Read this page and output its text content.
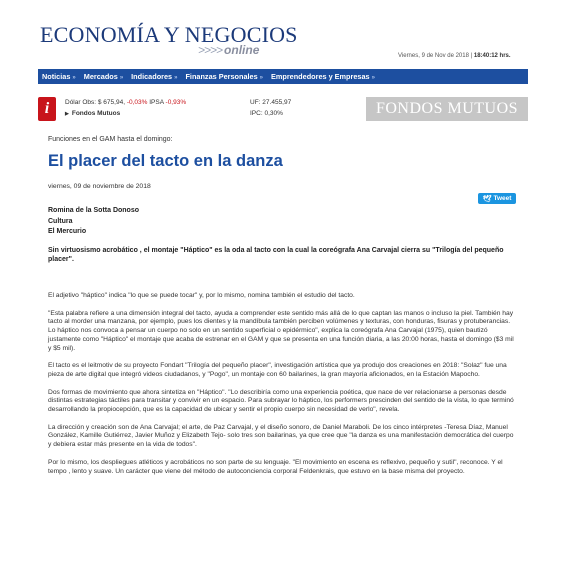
ECONOMÍA Y NEGOCIOS
>>>> online	Viernes, 9 de Nov de 2018 | 18:40:12 hrs.
Noticias »	Mercados »	Indicadores »	Finanzas Personales »	Emprendedores y Empresas »
i	Dólar Obs: $ 675,94, -0,03% IPSA -0,93%
▶ Fondos Mutuos
UF: 27.455,97
IPC: 0,30%	FONDOS MUTUOS
Funciones en el GAM hasta el domingo:
El placer del tacto en la danza
viernes, 09 de noviembre de 2018
🕊 Tweet
Romina de la Sotta Donoso
Cultura
El Mercurio
Sin virtuosismo acrobático , el montaje "Háptico" es la oda al tacto con la cual la coreógrafa Ana Carvajal cierra su "Trilogía del pequeño placer".

El adjetivo "háptico" indica "lo que se puede tocar" y, por lo mismo, nomina también el estudio del tacto.

"Esta palabra refiere a una dimensión integral del tacto, ayuda a comprender este sentido más allá de lo que captan las manos o incluso la piel. También hay tacto al morder una manzana, por ejemplo, pues los dientes y la mandíbula también perciben volúmenes y texturas, con honduras, fisuras y protuberancias. Lo háptico nos convoca a pensar un cuerpo no solo en un sentido superficial o epidérmico", explica la coreógrafa Ana Carvajal (1975), quien bautizó justamente como "Háptico" el montaje que acaba de estrenar en el GAM y que se presenta en una función diaria, a las 20:00 horas, hasta el domingo ($3 mil y $5 mil).

El tacto es el leitmotiv de su proyecto Fondart "Trilogía del pequeño placer", investigación artística que ya produjo dos creaciones en 2018: "Solaz" fue una pieza de arte digital que integró videos ciudadanos, y "Pogo", un montaje con 60 bailarines, la gran mayoría aficionados, en la Estación Mapocho.

Dos formas de movimiento que ahora sintetiza en "Háptico". "Lo describiría como una experiencia poética, que nace de ver relacionarse a personas desde distintas estrategias táctiles para transitar y convivir en un espacio. Para subrayar lo háptico, los performers prescinden del sentido de la vista, lo que terminó desarrollando la propiocepción, que es la capacidad de ubicar y sentir el propio cuerpo sin necesidad de verlo", revela.

La dirección y creación son de Ana Carvajal; el arte, de Paz Carvajal, y el diseño sonoro, de Daniel Maraboli. De los cinco intérpretes -Teresa Díaz, Manuel González, Kamille Gutiérrez, Javier Muñoz y Elizabeth Tejo- solo tres son bailarinas, ya que cree que "la danza es una manifestación democrática del cuerpo y debiera estar más presente en la vida de todos".

Por lo mismo, los despliegues atléticos y acrobáticos no son parte de su lenguaje. "El movimiento en escena es reflexivo, pequeño y sutil", reconoce. Y el tempo , lento y suave. Un carácter que viene del método de autoconciencia corporal Feldenkrais, que estuvo en la base misma del proyecto.
